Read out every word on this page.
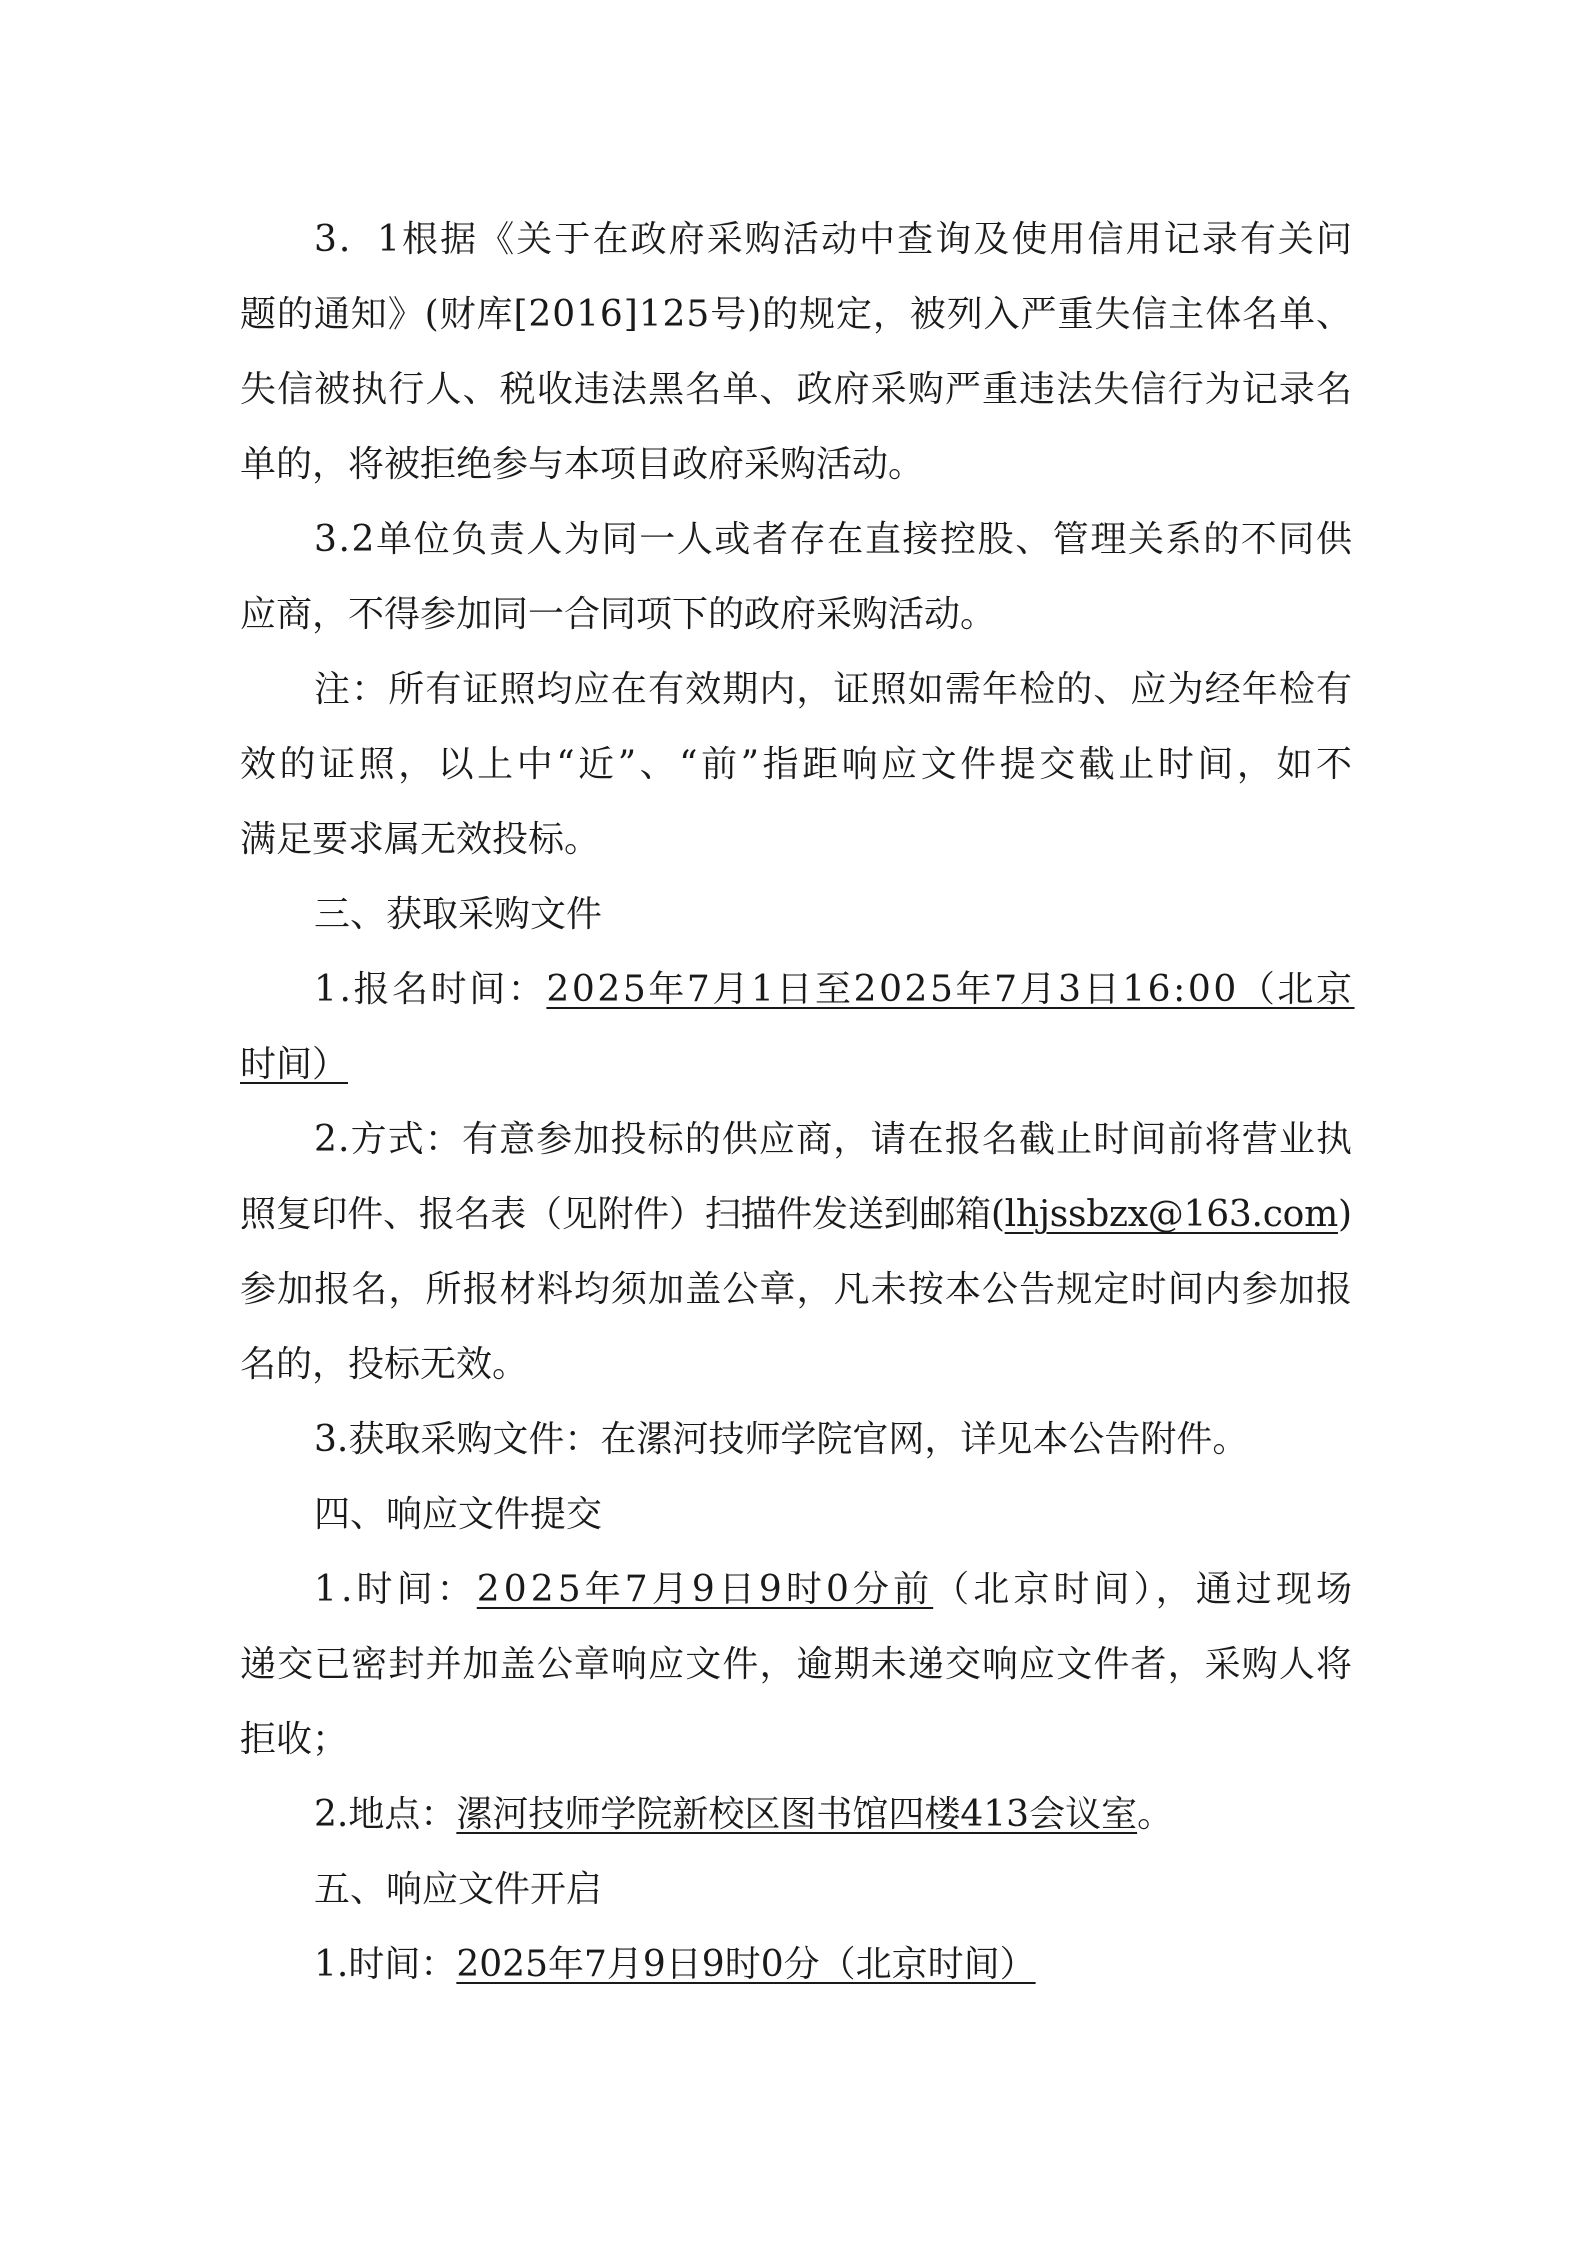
3．1根据《关于在政府采购活动中查询及使用信用记录有关问
题的通知》(财库[2016]125号)的规定，被列入严重失信主体名单、
失信被执行人、税收违法黑名单、政府采购严重违法失信行为记录名
单的，将被拒绝参与本项目政府采购活动。
3.2单位负责人为同一人或者存在直接控股、管理关系的不同供
应商，不得参加同一合同项下的政府采购活动。
注：所有证照均应在有效期内，证照如需年检的、应为经年检有
效的证照，以上中“近”、“前”指距响应文件提交截止时间，如不
满足要求属无效投标。
三、获取采购文件
1.报名时间：2025年7月1日至2025年7月3日16:00（北京
时间）
2.方式：有意参加投标的供应商，请在报名截止时间前将营业执
照复印件、报名表（见附件）扫描件发送到邮箱(lhjssbzx@163.com)
参加报名，所报材料均须加盖公章，凡未按本公告规定时间内参加报
名的，投标无效。
3.获取采购文件：在漯河技师学院官网，详见本公告附件。
四、响应文件提交
1.时间：2025年7月9日9时0分前（北京时间），通过现场
递交已密封并加盖公章响应文件，逾期未递交响应文件者，采购人将
拒收；
2.地点：漯河技师学院新校区图书馆四楼413会议室。
五、响应文件开启
1.时间：2025年7月9日9时0分（北京时间）
